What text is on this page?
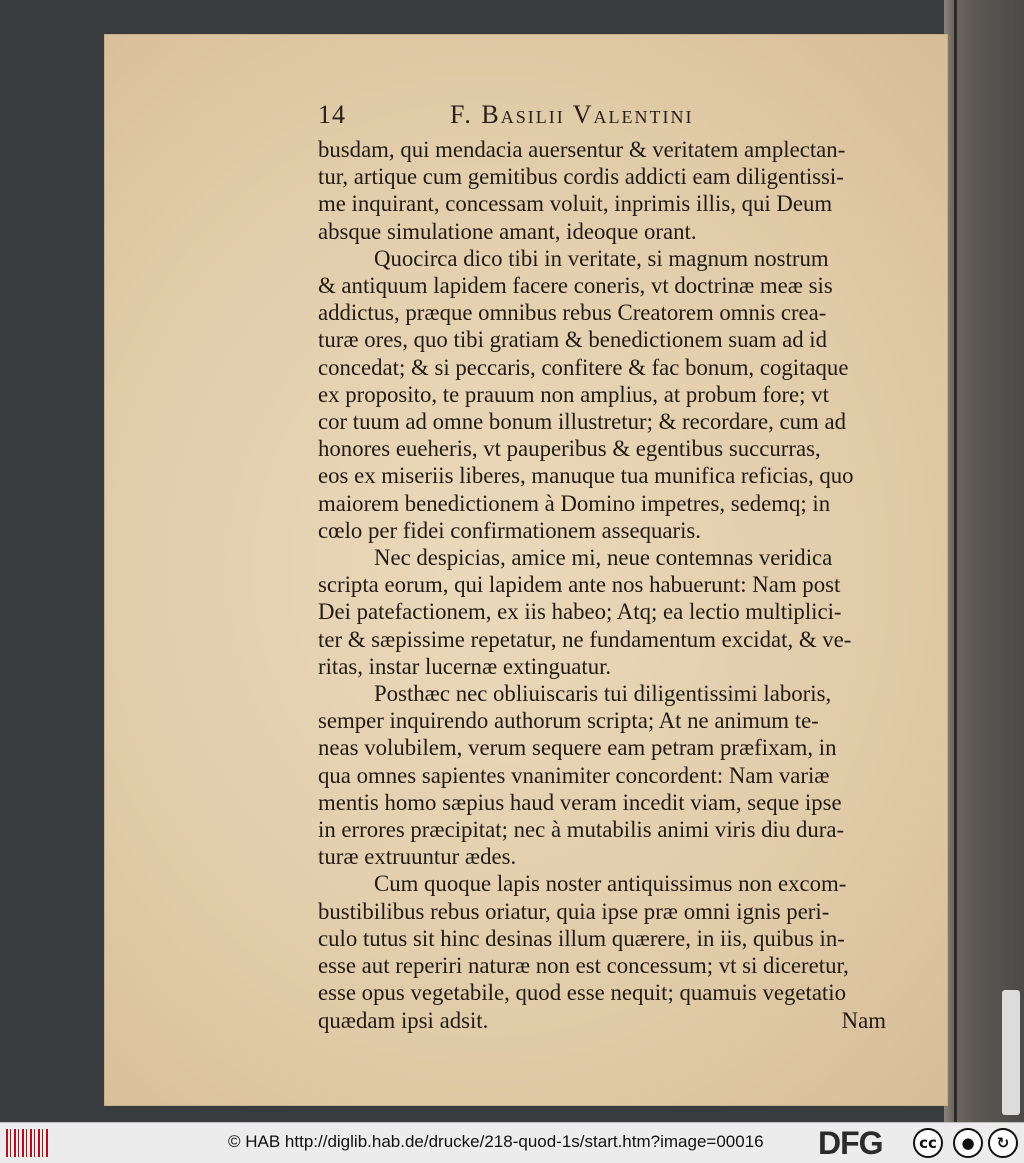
14	F. Basilii Valentini
busdam, qui mendacia auersentur & veritatem amplectan-
tur, artique cum gemitibus cordis addicti eam diligentissi-
me inquirant, concessam voluit, inprimis illis, qui Deum
absque simulatione amant, ideoque orant.
Quocirca dico tibi in veritate, si magnum nostrum
& antiquum lapidem facere coneris, vt doctrinæ meæ sis
addictus, præque omnibus rebus Creatorem omnis crea-
turæ ores, quo tibi gratiam & benedictionem suam ad id
concedat; & si peccaris, confitere & fac bonum, cogitaque
ex proposito, te prauum non amplius, at probum fore; vt
cor tuum ad omne bonum illustretur; & recordare, cum ad
honores eueheris, vt pauperibus & egentibus succurras,
eos ex miseriis liberes, manuque tua munifica reficias, quo
maiorem benedictionem à Domino impetres, sedemq; in
cœlo per fidei confirmationem assequaris.
Nec despicias, amice mi, neue contemnas veridica
scripta eorum, qui lapidem ante nos habuerunt: Nam post
Dei patefactionem, ex iis habeo; Atq; ea lectio multiplici-
ter & sæpissime repetatur, ne fundamentum excidat, & ve-
ritas, instar lucernæ extinguatur.
Posthæc nec obliuiscaris tui diligentissimi laboris,
semper inquirendo authorum scripta; At ne animum te-
neas volubilem, verum sequere eam petram præfixam, in
qua omnes sapientes vnanimiter concordent: Nam variæ
mentis homo sæpius haud veram incedit viam, seque ipse
in errores præcipitat; nec à mutabilis animi viris diu dura-
turæ extruuntur ædes.
Cum quoque lapis noster antiquissimus non excom-
bustibilibus rebus oriatur, quia ipse præ omni ignis peri-
culo tutus sit hinc desinas illum quærere, in iis, quibus in-
esse aut reperiri naturæ non est concessum; vt si diceretur,
esse opus vegetabile, quod esse nequit; quamuis vegetatio
quædam ipsi adsit.	Nam
© HAB http://diglib.hab.de/drucke/218-quod-1s/start.htm?image=00016 DFG	cc	●	↻
